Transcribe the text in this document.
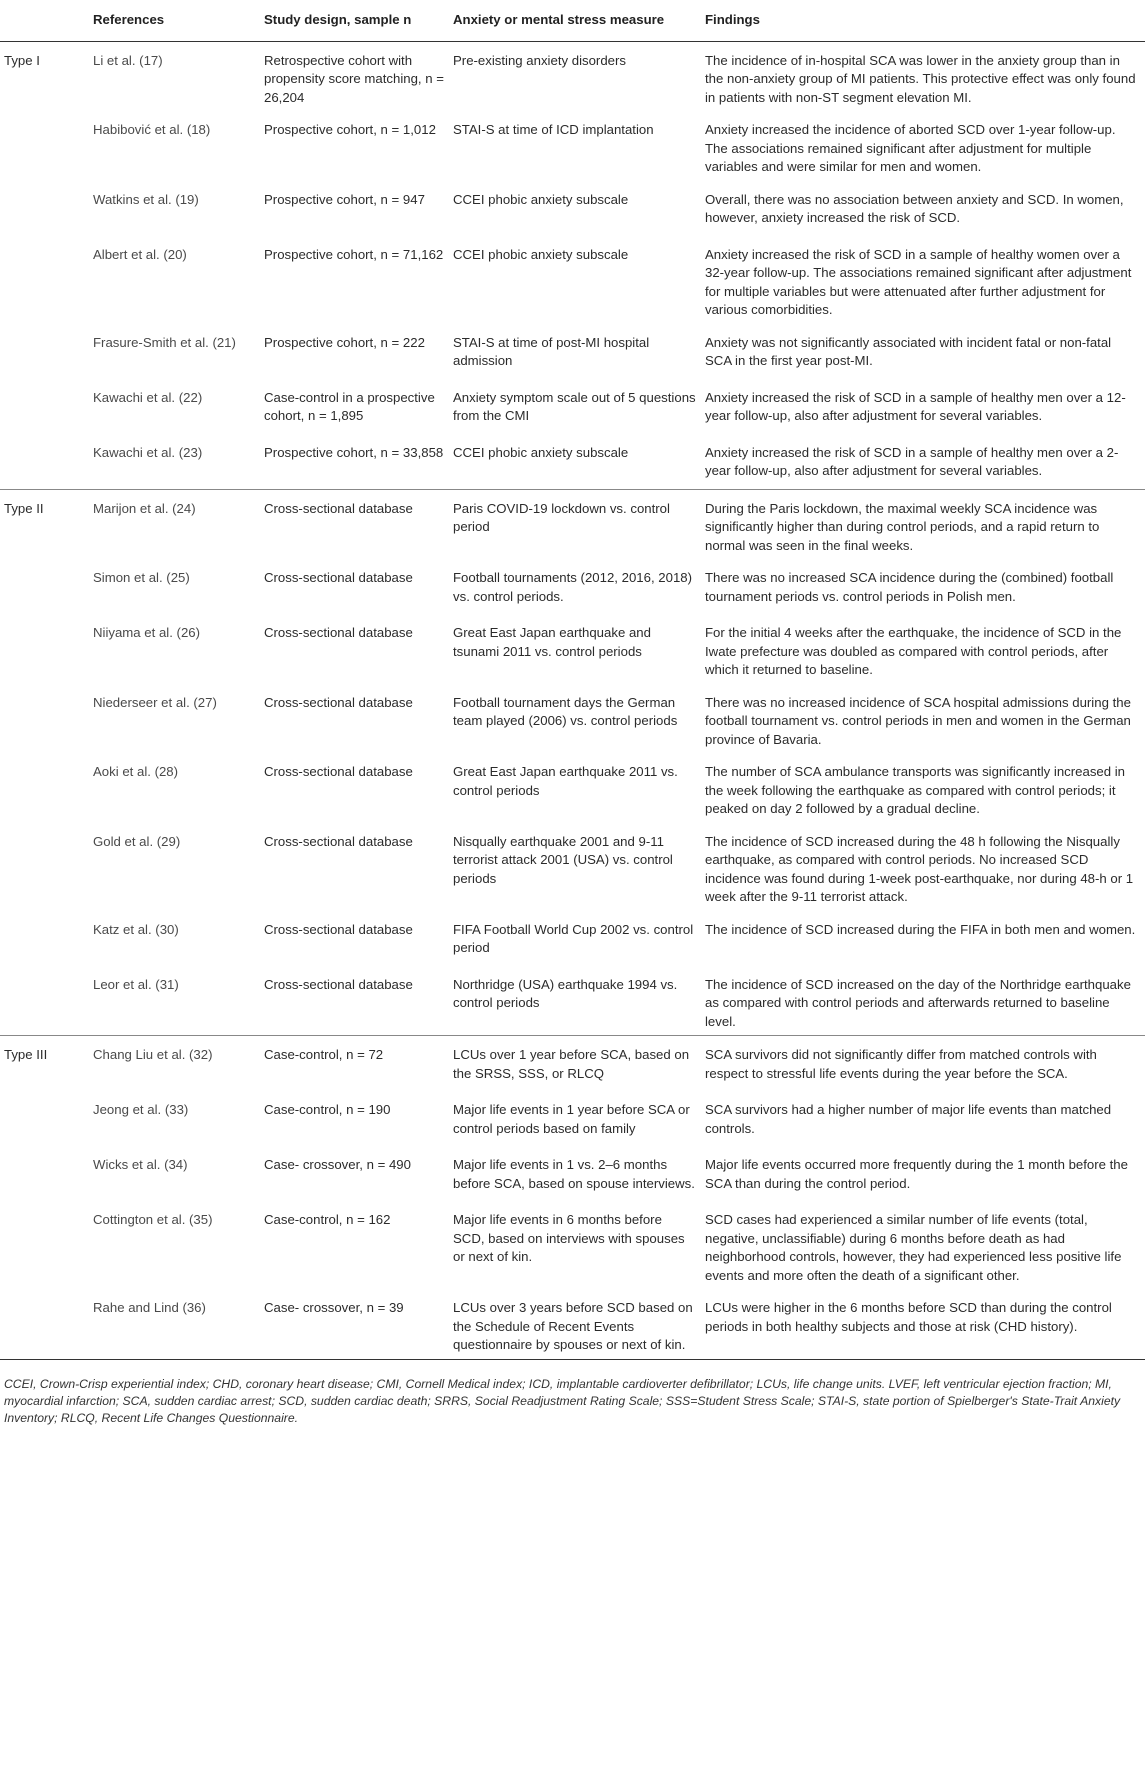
	References	Study design, sample n	Anxiety or mental stress measure	Findings
Type I	Li et al. (17)	Retrospective cohort with propensity score matching, n = 26,204	Pre-existing anxiety disorders	The incidence of in-hospital SCA was lower in the anxiety group than in the non-anxiety group of MI patients. This protective effect was only found in patients with non-ST segment elevation MI.
	Habibović et al. (18)	Prospective cohort, n = 1,012	STAI-S at time of ICD implantation	Anxiety increased the incidence of aborted SCD over 1-year follow-up. The associations remained significant after adjustment for multiple variables and were similar for men and women.
	Watkins et al. (19)	Prospective cohort, n = 947	CCEI phobic anxiety subscale	Overall, there was no association between anxiety and SCD. In women, however, anxiety increased the risk of SCD.
	Albert et al. (20)	Prospective cohort, n = 71,162	CCEI phobic anxiety subscale	Anxiety increased the risk of SCD in a sample of healthy women over a 32-year follow-up. The associations remained significant after adjustment for multiple variables but were attenuated after further adjustment for various comorbidities.
	Frasure-Smith et al. (21)	Prospective cohort, n = 222	STAI-S at time of post-MI hospital admission	Anxiety was not significantly associated with incident fatal or non-fatal SCA in the first year post-MI.
	Kawachi et al. (22)	Case-control in a prospective cohort, n = 1,895	Anxiety symptom scale out of 5 questions from the CMI	Anxiety increased the risk of SCD in a sample of healthy men over a 12-year follow-up, also after adjustment for several variables.
	Kawachi et al. (23)	Prospective cohort, n = 33,858	CCEI phobic anxiety subscale	Anxiety increased the risk of SCD in a sample of healthy men over a 2-year follow-up, also after adjustment for several variables.
Type II	Marijon et al. (24)	Cross-sectional database	Paris COVID-19 lockdown vs. control period	During the Paris lockdown, the maximal weekly SCA incidence was significantly higher than during control periods, and a rapid return to normal was seen in the final weeks.
	Simon et al. (25)	Cross-sectional database	Football tournaments (2012, 2016, 2018) vs. control periods.	There was no increased SCA incidence during the (combined) football tournament periods vs. control periods in Polish men.
	Niiyama et al. (26)	Cross-sectional database	Great East Japan earthquake and tsunami 2011 vs. control periods	For the initial 4 weeks after the earthquake, the incidence of SCD in the Iwate prefecture was doubled as compared with control periods, after which it returned to baseline.
	Niederseer et al. (27)	Cross-sectional database	Football tournament days the German team played (2006) vs. control periods	There was no increased incidence of SCA hospital admissions during the football tournament vs. control periods in men and women in the German province of Bavaria.
	Aoki et al. (28)	Cross-sectional database	Great East Japan earthquake 2011 vs. control periods	The number of SCA ambulance transports was significantly increased in the week following the earthquake as compared with control periods; it peaked on day 2 followed by a gradual decline.
	Gold et al. (29)	Cross-sectional database	Nisqually earthquake 2001 and 9-11 terrorist attack 2001 (USA) vs. control periods	The incidence of SCD increased during the 48 h following the Nisqually earthquake, as compared with control periods. No increased SCD incidence was found during 1-week post-earthquake, nor during 48-h or 1 week after the 9-11 terrorist attack.
	Katz et al. (30)	Cross-sectional database	FIFA Football World Cup 2002 vs. control period	The incidence of SCD increased during the FIFA in both men and women.
	Leor et al. (31)	Cross-sectional database	Northridge (USA) earthquake 1994 vs. control periods	The incidence of SCD increased on the day of the Northridge earthquake as compared with control periods and afterwards returned to baseline level.
Type III	Chang Liu et al. (32)	Case-control, n = 72	LCUs over 1 year before SCA, based on the SRSS, SSS, or RLCQ	SCA survivors did not significantly differ from matched controls with respect to stressful life events during the year before the SCA.
	Jeong et al. (33)	Case-control, n = 190	Major life events in 1 year before SCA or control periods based on family	SCA survivors had a higher number of major life events than matched controls.
	Wicks et al. (34)	Case- crossover, n = 490	Major life events in 1 vs. 2–6 months before SCA, based on spouse interviews.	Major life events occurred more frequently during the 1 month before the SCA than during the control period.
	Cottington et al. (35)	Case-control, n = 162	Major life events in 6 months before SCD, based on interviews with spouses or next of kin.	SCD cases had experienced a similar number of life events (total, negative, unclassifiable) during 6 months before death as had neighborhood controls, however, they had experienced less positive life events and more often the death of a significant other.
	Rahe and Lind (36)	Case- crossover, n = 39	LCUs over 3 years before SCD based on the Schedule of Recent Events questionnaire by spouses or next of kin.	LCUs were higher in the 6 months before SCD than during the control periods in both healthy subjects and those at risk (CHD history).
CCEI, Crown-Crisp experiential index; CHD, coronary heart disease; CMI, Cornell Medical index; ICD, implantable cardioverter defibrillator; LCUs, life change units. LVEF, left ventricular ejection fraction; MI, myocardial infarction; SCA, sudden cardiac arrest; SCD, sudden cardiac death; SRRS, Social Readjustment Rating Scale; SSS=Student Stress Scale; STAI-S, state portion of Spielberger's State-Trait Anxiety Inventory; RLCQ, Recent Life Changes Questionnaire.
